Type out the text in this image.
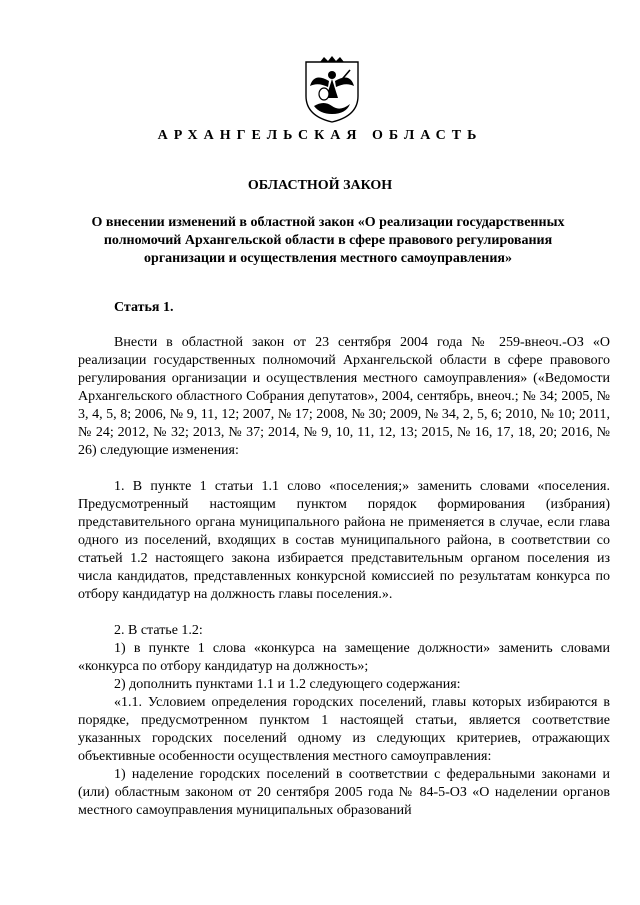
АРХАНГЕЛЬСКАЯ ОБЛАСТЬ
ОБЛАСТНОЙ ЗАКОН
О внесении изменений в областной закон «О реализации государственных полномочий Архангельской области в сфере правового регулирования организации и осуществления местного самоуправления»
Статья 1.

Внести в областной закон от 23 сентября 2004 года № 259-внеоч.-ОЗ «О реализации государственных полномочий Архангельской области в сфере правового регулирования организации и осуществления местного самоуправления» («Ведомости Архангельского областного Собрания депутатов», 2004, сентябрь, внеоч.; № 34; 2005, № 3, 4, 5, 8; 2006, № 9, 11, 12; 2007, № 17; 2008, № 30; 2009, № 34, 2, 5, 6; 2010, № 10; 2011, № 24; 2012, № 32; 2013, № 37; 2014, № 9, 10, 11, 12, 13; 2015, № 16, 17, 18, 20; 2016, № 26) следующие изменения:

1. В пункте 1 статьи 1.1 слово «поселения;» заменить словами «поселения. Предусмотренный настоящим пунктом порядок формирования (избрания) представительного органа муниципального района не применяется в случае, если глава одного из поселений, входящих в состав муниципального района, в соответствии со статьей 1.2 настоящего закона избирается представительным органом поселения из числа кандидатов, представленных конкурсной комиссией по результатам конкурса по отбору кандидатур на должность главы поселения.».

2. В статье 1.2:

1) в пункте 1 слова «конкурса на замещение должности» заменить словами «конкурса по отбору кандидатур на должность»;

2) дополнить пунктами 1.1 и 1.2 следующего содержания:

«1.1. Условием определения городских поселений, главы которых избираются в порядке, предусмотренном пунктом 1 настоящей статьи, является соответствие указанных городских поселений одному из следующих критериев, отражающих объективные особенности осуществления местного самоуправления:

1) наделение городских поселений в соответствии с федеральными законами и (или) областным законом от 20 сентября 2005 года № 84-5-ОЗ «О наделении органов местного самоуправления муниципальных образований
